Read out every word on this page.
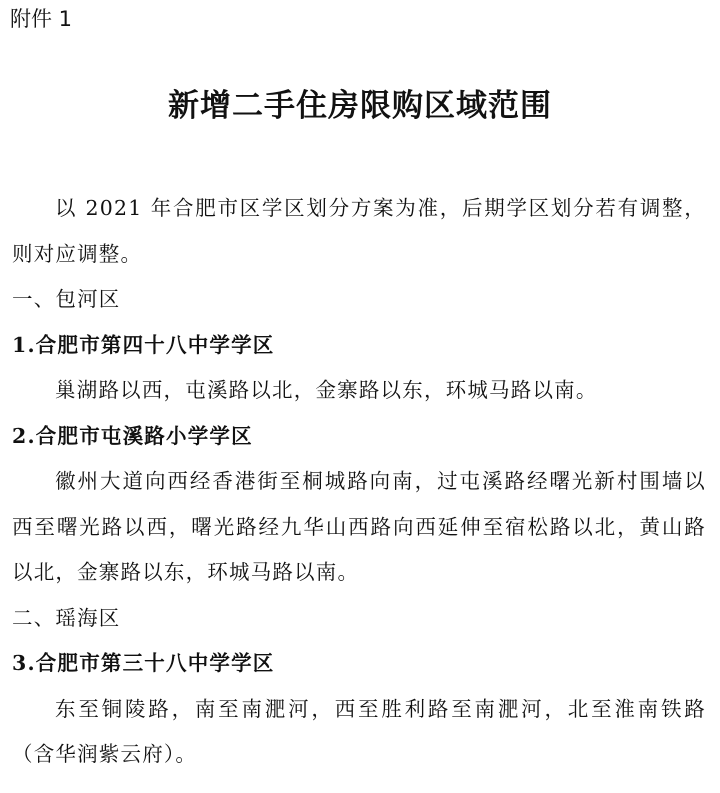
附件 1
新增二手住房限购区域范围

以 2021 年合肥市区学区划分方案为准，后期学区划分若有调整，则对应调整。

一、包河区

1.合肥市第四十八中学学区

巢湖路以西，屯溪路以北，金寨路以东，环城马路以南。

2.合肥市屯溪路小学学区

徽州大道向西经香港街至桐城路向南，过屯溪路经曙光新村围墙以西至曙光路以西，曙光路经九华山西路向西延伸至宿松路以北，黄山路以北，金寨路以东，环城马路以南。

二、瑶海区

3.合肥市第三十八中学学区

东至铜陵路，南至南淝河，西至胜利路至南淝河，北至淮南铁路（含华润紫云府）。
